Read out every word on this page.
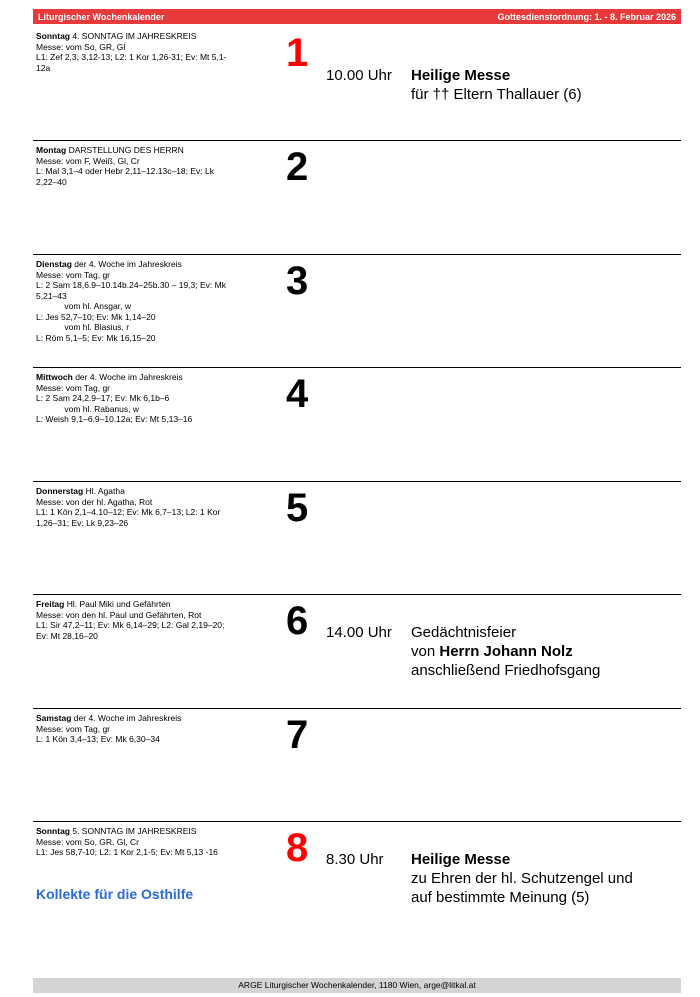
Liturgischer Wochenkalender	Gottesdienstordnung: 1. - 8. Februar 2026
Sonntag 4. SONNTAG IM JAHRESKREIS
Messe: vom So, GR, Gl
L1: Zef 2,3; 3,12-13; L2: 1 Kor 1,26-31; Ev: Mt 5,1-
12a	1
10.00 Uhr Heilige Messe
für †† Eltern Thallauer (6)
Montag DARSTELLUNG DES HERRN
Messe: vom F, Weiß, Gl, Cr
L: Mal 3,1–4 oder Hebr 2,11–12.13c–18; Ev: Lk
2,22–40	2
Dienstag der 4. Woche im Jahreskreis
Messe: vom Tag, gr
L: 2 Sam 18,6.9–10.14b.24–25b.30 – 19,3; Ev: Mk
5,21–43
vom hl. Ansgar, w
L: Jes 52,7–10; Ev: Mk 1,14–20
vom hl. Blasius, r
L: Röm 5,1–5; Ev: Mk 16,15–20
3
Mittwoch der 4. Woche im Jahreskreis
Messe: vom Tag, gr
L: 2 Sam 24,2.9–17; Ev: Mk 6,1b–6
vom hl. Rabanus, w
L: Weish 9,1–6.9–10.12a; Ev: Mt 5,13–16
4
Donnerstag Hl. Agatha
Messe: von der hl. Agatha, Rot
L1: 1 Kön 2,1–4.10–12; Ev: Mk 6,7–13; L2: 1 Kor
1,26–31; Ev: Lk 9,23–26	5
Freitag Hl. Paul Miki und Gefährten
Messe: von den hl. Paul und Gefährten, Rot
L1: Sir 47,2–11; Ev: Mk 6,14–29; L2: Gal 2,19–20;
Ev: Mt 28,16–20	6 14.00 Uhr Gedächtnisfeier
von Herrn Johann Nolz
anschließend Friedhofsgang
Samstag der 4. Woche im Jahreskreis
Messe: vom Tag, gr
L: 1 Kön 3,4–13; Ev: Mk 6,30–34	7
Sonntag 5. SONNTAG IM JAHRESKREIS
Messe: vom So, GR, Gl, Cr
L1: Jes 58,7-10; L2: 1 Kor 2,1-5; Ev: Mt 5,13 -16	8 8.30 Uhr Heilige Messe
zu Ehren der hl. Schutzengel und
auf bestimmte Meinung (5)
Kollekte für die Osthilfe
ARGE Liturgischer Wochenkalender, 1180 Wien, arge@litkal.at
